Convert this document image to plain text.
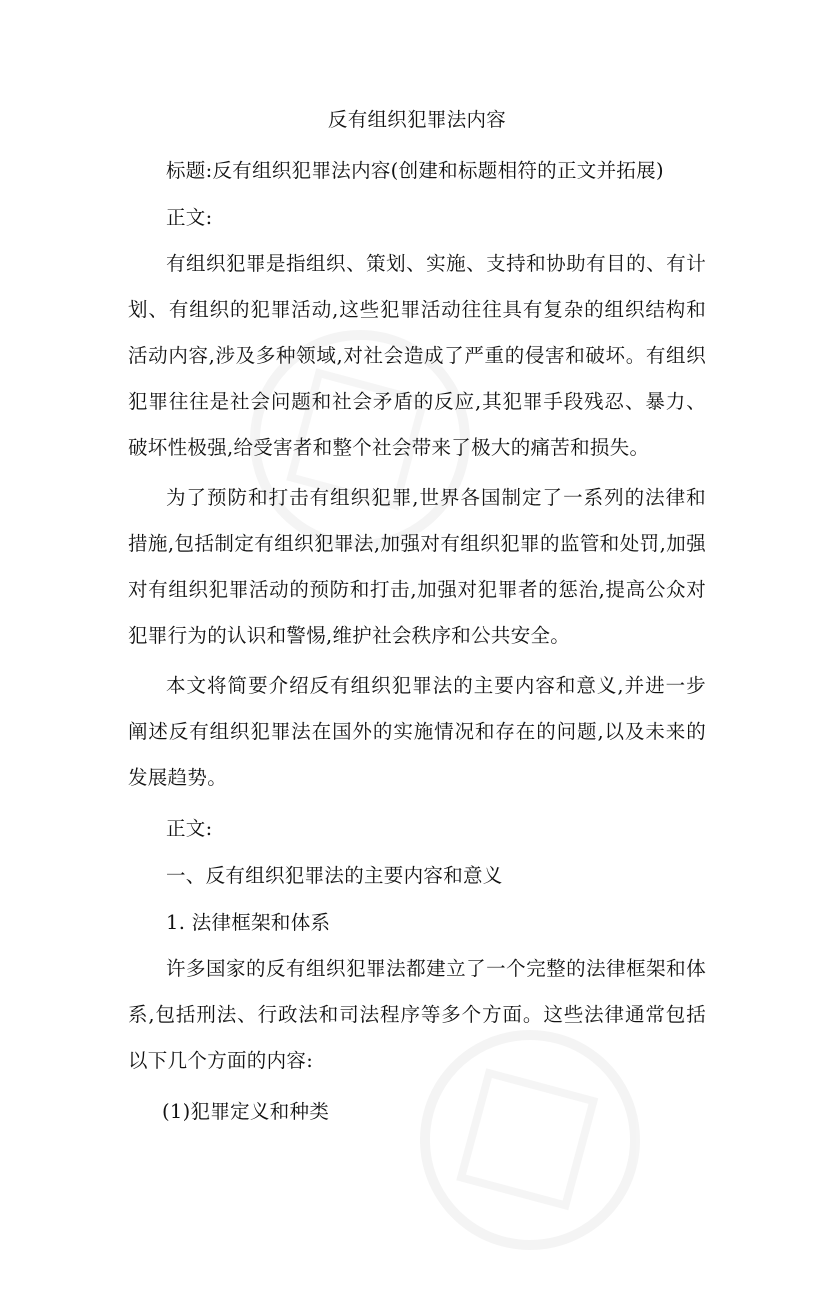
反有组织犯罪法内容

标题:反有组织犯罪法内容(创建和标题相符的正文并拓展)

正文:

有组织犯罪是指组织、策划、实施、支持和协助有目的、有计划、有组织的犯罪活动,这些犯罪活动往往具有复杂的组织结构和活动内容,涉及多种领域,对社会造成了严重的侵害和破坏。有组织犯罪往往是社会问题和社会矛盾的反应,其犯罪手段残忍、暴力、破坏性极强,给受害者和整个社会带来了极大的痛苦和损失。

为了预防和打击有组织犯罪,世界各国制定了一系列的法律和措施,包括制定有组织犯罪法,加强对有组织犯罪的监管和处罚,加强对有组织犯罪活动的预防和打击,加强对犯罪者的惩治,提高公众对犯罪行为的认识和警惕,维护社会秩序和公共安全。

本文将简要介绍反有组织犯罪法的主要内容和意义,并进一步阐述反有组织犯罪法在国外的实施情况和存在的问题,以及未来的发展趋势。

正文:

一、反有组织犯罪法的主要内容和意义

1. 法律框架和体系

许多国家的反有组织犯罪法都建立了一个完整的法律框架和体系,包括刑法、行政法和司法程序等多个方面。这些法律通常包括以下几个方面的内容:

(1)犯罪定义和种类
